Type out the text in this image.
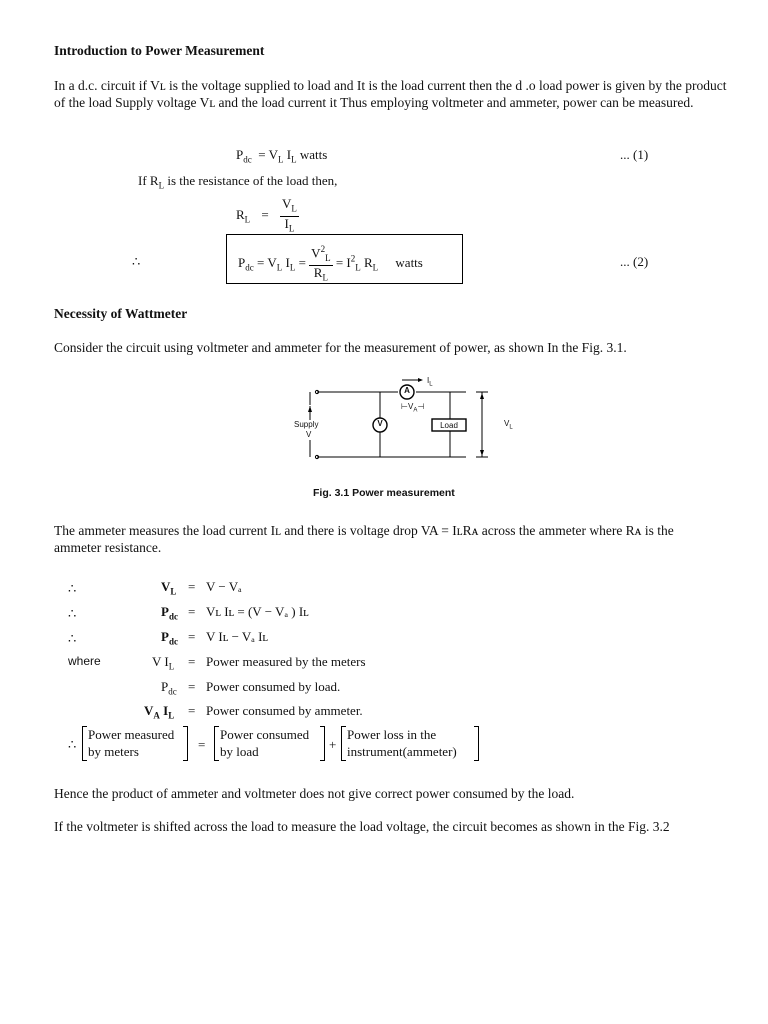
Introduction to Power Measurement
In a d.c. circuit if Vʟ is the voltage supplied to load and It is the load current then the d .o load power is given by the product of the load Supply voltage Vʟ and the load current it Thus employing voltmeter and ammeter, power can be measured.
$P_{dc} = V_L$ $I_L$ watts	... (1)
If $R_L$ is the resistance of the load then,
$R_L = \frac{V_L}{I_L}$
∴	$P_{dc} = V_L$ $I_L = \frac{V^2_L}{R_L} = I^2_L$ $R_L$ watts	... (2)
Necessity of Wattmeter
Consider the circuit using voltmeter and ammeter for the measurement of power, as shown In the Fig. 3.1.
$I_L$
A
$⊢V_A⊣$
Supply
V
V	Load	$V_L$
Fig. 3.1 Power measurement
The ammeter measures the load current Iʟ and there is voltage drop VA = IʟRᴀ across the ammeter where Rᴀ is the ammeter resistance.
∴	$V_L = V - V_a$
∴	$P_{dc}$ = Vʟ Iʟ = (V − Vₐ ) Iʟ
∴	$P_{dc} = V$ Iʟ − Vₐ Iʟ
where	V $I_L$ = Power measured by the meters
$P_{dc}$ = Power consumed by load.
$V_A$ $I_L$ = Power consumed by ammeter.
∴
Power measured
by meters	=
Power consumed
by load	+
Power loss in the
instrument(ammeter)
Hence the product of ammeter and voltmeter does not give correct power consumed by the load.
If the voltmeter is shifted across the load to measure the load voltage, the circuit becomes as shown in the Fig. 3.2
